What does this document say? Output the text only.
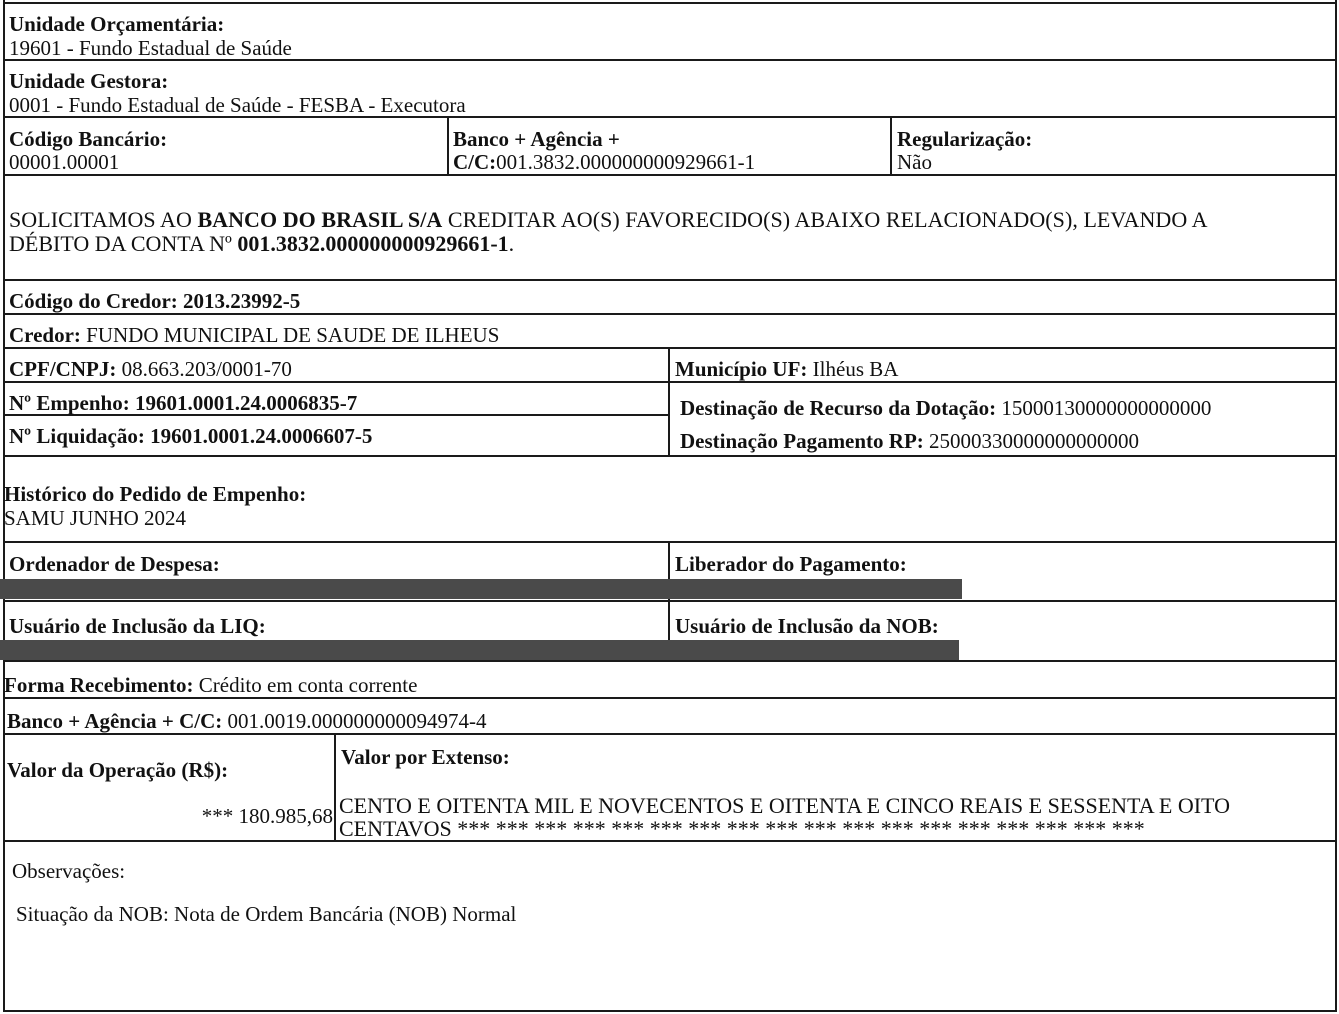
Unidade Orçamentária:
19601 - Fundo Estadual de Saúde
Unidade Gestora:
0001 - Fundo Estadual de Saúde - FESBA - Executora
Código Bancário:
00001.00001
Banco + Agência +
C/C:001.3832.000000000929661-1
Regularização:
Não
SOLICITAMOS AO BANCO DO BRASIL S/A CREDITAR AO(S) FAVORECIDO(S) ABAIXO RELACIONADO(S), LEVANDO A
DÉBITO DA CONTA Nº 001.3832.000000000929661-1.
Código do Credor: 2013.23992-5
Credor: FUNDO MUNICIPAL DE SAUDE DE ILHEUS
CPF/CNPJ: 08.663.203/0001-70	Município UF: Ilhéus BA
Nº Empenho: 19601.0001.24.0006835-7
Nº Liquidação: 19601.0001.24.0006607-5
Destinação de Recurso da Dotação: 15000130000000000000
Destinação Pagamento RP: 25000330000000000000
Histórico do Pedido de Empenho:
SAMU JUNHO 2024
Ordenador de Despesa:	Liberador do Pagamento:
Usuário de Inclusão da LIQ:	Usuário de Inclusão da NOB:
Forma Recebimento: Crédito em conta corrente
Banco + Agência + C/C: 001.0019.000000000094974-4
Valor da Operação (R$):
*** 180.985,68
Valor por Extenso:
CENTO E OITENTA MIL E NOVECENTOS E OITENTA E CINCO REAIS E SESSENTA E OITO
CENTAVOS *** *** *** *** *** *** *** *** *** *** *** *** *** *** *** *** *** ***
Observações:
Situação da NOB: Nota de Ordem Bancária (NOB) Normal
